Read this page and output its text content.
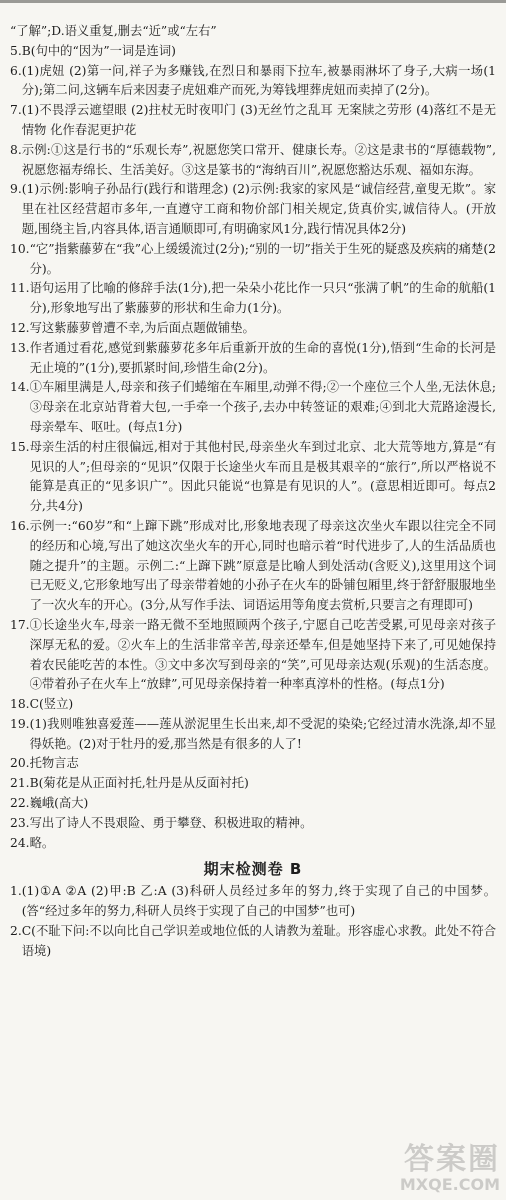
“了解”;D.语义重复,删去“近”或“左右”
5. B(句中的“因为”一词是连词)
6. (1)虎妞 (2)第一问,祥子为多赚钱,在烈日和暴雨下拉车,被暴雨淋坏了身子,大病一场(1分);第二问,这辆车后来因妻子虎妞难产而死,为筹钱埋葬虎妞而卖掉了(2分)。
7. (1)不畏浮云遮望眼 (2)拄杖无时夜叩门 (3)无丝竹之乱耳 无案牍之劳形 (4)落红不是无情物 化作春泥更护花
8. 示例:①这是行书的“乐观长寿”,祝愿您笑口常开、健康长寿。②这是隶书的“厚德载物”,祝愿您福寿绵长、生活美好。③这是篆书的“海纳百川”,祝愿您豁达乐观、福如东海。
9. (1)示例:影响子孙品行(践行和谐理念) (2)示例:我家的家风是“诚信经营,童叟无欺”。家里在社区经营超市多年,一直遵守工商和物价部门相关规定,货真价实,诚信待人。(开放题,围绕主旨,内容具体,语言通顺即可,有明确家风1分,践行情况具体2分)
10. “它”指紫藤萝在“我”心上缓缓流过(2分);“别的一切”指关于生死的疑惑及疾病的痛楚(2分)。
11. 语句运用了比喻的修辞手法(1分),把一朵朵小花比作一只只“张满了帆”的生命的航船(1分),形象地写出了紫藤萝的形状和生命力(1分)。
12. 写这紫藤萝曾遭不幸,为后面点题做铺垫。
13. 作者通过看花,感觉到紫藤萝花多年后重新开放的生命的喜悦(1分),悟到“生命的长河是无止境的”(1分),要抓紧时间,珍惜生命(2分)。
14. ①车厢里满是人,母亲和孩子们蜷缩在车厢里,动弹不得;②一个座位三个人坐,无法休息;③母亲在北京站背着大包,一手牵一个孩子,去办中转签证的艰难;④到北大荒路途漫长,母亲晕车、呕吐。(每点1分)
15. 母亲生活的村庄很偏远,相对于其他村民,母亲坐火车到过北京、北大荒等地方,算是“有见识的人”;但母亲的“见识”仅限于长途坐火车而且是极其艰辛的“旅行”,所以严格说不能算是真正的“见多识广”。因此只能说“也算是有见识的人”。(意思相近即可。每点2分,共4分)
16. 示例一:“60岁”和“上蹿下跳”形成对比,形象地表现了母亲这次坐火车跟以往完全不同的经历和心境,写出了她这次坐火车的开心,同时也暗示着“时代进步了,人的生活品质也随之提升”的主题。示例二:“上蹿下跳”原意是比喻人到处活动(含贬义),这里用这个词已无贬义,它形象地写出了母亲带着她的小孙子在火车的卧铺包厢里,终于舒舒服服地坐了一次火车的开心。(3分,从写作手法、词语运用等角度去赏析,只要言之有理即可)
17. ①长途坐火车,母亲一路无微不至地照顾两个孩子,宁愿自己吃苦受累,可见母亲对孩子深厚无私的爱。②火车上的生活非常辛苦,母亲还晕车,但是她坚持下来了,可见她保持着农民能吃苦的本性。③文中多次写到母亲的“笑”,可见母亲达观(乐观)的生活态度。④带着孙子在火车上“放肆”,可见母亲保持着一种率真淳朴的性格。(每点1分)
18. C(竖立)
19. (1)我则唯独喜爱莲——莲从淤泥里生长出来,却不受泥的染染;它经过清水洗涤,却不显得妖艳。(2)对于牡丹的爱,那当然是有很多的人了!
20. 托物言志
21. B(菊花是从正面衬托,牡丹是从反面衬托)
22. 巍峨(高大)
23. 写出了诗人不畏艰险、勇于攀登、积极进取的精神。
24. 略。
期末检测卷 B
1. (1)①A ②A (2)甲:B 乙:A (3)科研人员经过多年的努力,终于实现了自己的中国梦。(答“经过多年的努力,科研人员终于实现了自己的中国梦”也可)
2. C(不耻下问:不以向比自己学识差或地位低的人请教为羞耻。形容虚心求教。此处不符合语境)
答案圈
MXQE.COM
